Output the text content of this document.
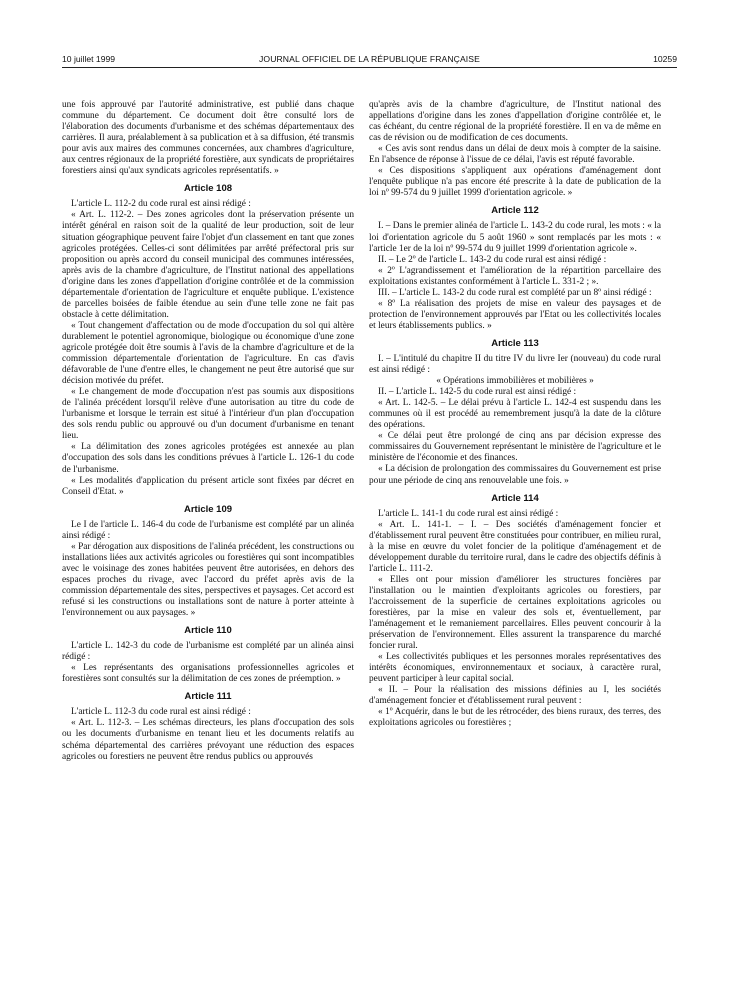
10 juillet 1999	JOURNAL OFFICIEL DE LA RÉPUBLIQUE FRANÇAISE	10259

une fois approuvé par l'autorité administrative, est publié dans chaque commune du département. Ce document doit être consulté lors de l'élaboration des documents d'urbanisme et des schémas départementaux des carrières. Il aura, préalablement à sa publication et à sa diffusion, été transmis pour avis aux maires des communes concernées, aux chambres d'agriculture, aux centres régionaux de la propriété forestière, aux syndicats de propriétaires forestiers ainsi qu'aux syndicats agricoles représentatifs. »

Article 108

L'article L. 112-2 du code rural est ainsi rédigé :

« Art. L. 112-2. – Des zones agricoles dont la préservation présente un intérêt général en raison soit de la qualité de leur production, soit de leur situation géographique peuvent faire l'objet d'un classement en tant que zones agricoles protégées. Celles-ci sont délimitées par arrêté préfectoral pris sur proposition ou après accord du conseil municipal des communes intéressées, après avis de la chambre d'agriculture, de l'Institut national des appellations d'origine dans les zones d'appellation d'origine contrôlée et de la commission départementale d'orientation de l'agriculture et enquête publique. L'existence de parcelles boisées de faible étendue au sein d'une telle zone ne fait pas obstacle à cette délimitation.

« Tout changement d'affectation ou de mode d'occupation du sol qui altère durablement le potentiel agronomique, biologique ou économique d'une zone agricole protégée doit être soumis à l'avis de la chambre d'agriculture et de la commission départementale d'orientation de l'agriculture. En cas d'avis défavorable de l'une d'entre elles, le changement ne peut être autorisé que sur décision motivée du préfet.

« Le changement de mode d'occupation n'est pas soumis aux dispositions de l'alinéa précédent lorsqu'il relève d'une autorisation au titre du code de l'urbanisme et lorsque le terrain est situé à l'intérieur d'un plan d'occupation des sols rendu public ou approuvé ou d'un document d'urbanisme en tenant lieu.

« La délimitation des zones agricoles protégées est annexée au plan d'occupation des sols dans les conditions prévues à l'article L. 126-1 du code de l'urbanisme.

« Les modalités d'application du présent article sont fixées par décret en Conseil d'Etat. »

Article 109

Le I de l'article L. 146-4 du code de l'urbanisme est complété par un alinéa ainsi rédigé :

« Par dérogation aux dispositions de l'alinéa précédent, les constructions ou installations liées aux activités agricoles ou forestières qui sont incompatibles avec le voisinage des zones habitées peuvent être autorisées, en dehors des espaces proches du rivage, avec l'accord du préfet après avis de la commission départementale des sites, perspectives et paysages. Cet accord est refusé si les constructions ou installations sont de nature à porter atteinte à l'environnement ou aux paysages. »

Article 110

L'article L. 142-3 du code de l'urbanisme est complété par un alinéa ainsi rédigé :

« Les représentants des organisations professionnelles agricoles et forestières sont consultés sur la délimitation de ces zones de préemption. »

Article 111

L'article L. 112-3 du code rural est ainsi rédigé :

« Art. L. 112-3. – Les schémas directeurs, les plans d'occupation des sols ou les documents d'urbanisme en tenant lieu et les documents relatifs au schéma départemental des carrières prévoyant une réduction des espaces agricoles ou forestiers ne peuvent être rendus publics ou approuvés

qu'après avis de la chambre d'agriculture, de l'Institut national des appellations d'origine dans les zones d'appellation d'origine contrôlée et, le cas échéant, du centre régional de la propriété forestière. Il en va de même en cas de révision ou de modification de ces documents.

« Ces avis sont rendus dans un délai de deux mois à compter de la saisine. En l'absence de réponse à l'issue de ce délai, l'avis est réputé favorable.

« Ces dispositions s'appliquent aux opérations d'aménagement dont l'enquête publique n'a pas encore été prescrite à la date de publication de la loi nº 99-574 du 9 juillet 1999 d'orientation agricole. »

Article 112

I. – Dans le premier alinéa de l'article L. 143-2 du code rural, les mots : « la loi d'orientation agricole du 5 août 1960 » sont remplacés par les mots : « l'article 1er de la loi nº 99-574 du 9 juillet 1999 d'orientation agricole ».

II. – Le 2º de l'article L. 143-2 du code rural est ainsi rédigé :

« 2º L'agrandissement et l'amélioration de la répartition parcellaire des exploitations existantes conformément à l'article L. 331-2 ; ».

III. – L'article L. 143-2 du code rural est complété par un 8º ainsi rédigé :

« 8º La réalisation des projets de mise en valeur des paysages et de protection de l'environnement approuvés par l'Etat ou les collectivités locales et leurs établissements publics. »

Article 113

I. – L'intitulé du chapitre II du titre IV du livre Ier (nouveau) du code rural est ainsi rédigé :

« Opérations immobilières et mobilières »

II. – L'article L. 142-5 du code rural est ainsi rédigé :

« Art. L. 142-5. – Le délai prévu à l'article L. 142-4 est suspendu dans les communes où il est procédé au remembrement jusqu'à la date de la clôture des opérations.

« Ce délai peut être prolongé de cinq ans par décision expresse des commissaires du Gouvernement représentant le ministère de l'agriculture et le ministère de l'économie et des finances.

« La décision de prolongation des commissaires du Gouvernement est prise pour une période de cinq ans renouvelable une fois. »

Article 114

L'article L. 141-1 du code rural est ainsi rédigé :

« Art. L. 141-1. – I. – Des sociétés d'aménagement foncier et d'établissement rural peuvent être constituées pour contribuer, en milieu rural, à la mise en œuvre du volet foncier de la politique d'aménagement et de développement durable du territoire rural, dans le cadre des objectifs définis à l'article L. 111-2.

« Elles ont pour mission d'améliorer les structures foncières par l'installation ou le maintien d'exploitants agricoles ou forestiers, par l'accroissement de la superficie de certaines exploitations agricoles ou forestières, par la mise en valeur des sols et, éventuellement, par l'aménagement et le remaniement parcellaires. Elles peuvent concourir à la préservation de l'environnement. Elles assurent la transparence du marché foncier rural.

« Les collectivités publiques et les personnes morales représentatives des intérêts économiques, environnementaux et sociaux, à caractère rural, peuvent participer à leur capital social.

« II. – Pour la réalisation des missions définies au I, les sociétés d'aménagement foncier et d'établissement rural peuvent :

« 1º Acquérir, dans le but de les rétrocéder, des biens ruraux, des terres, des exploitations agricoles ou forestières ;
